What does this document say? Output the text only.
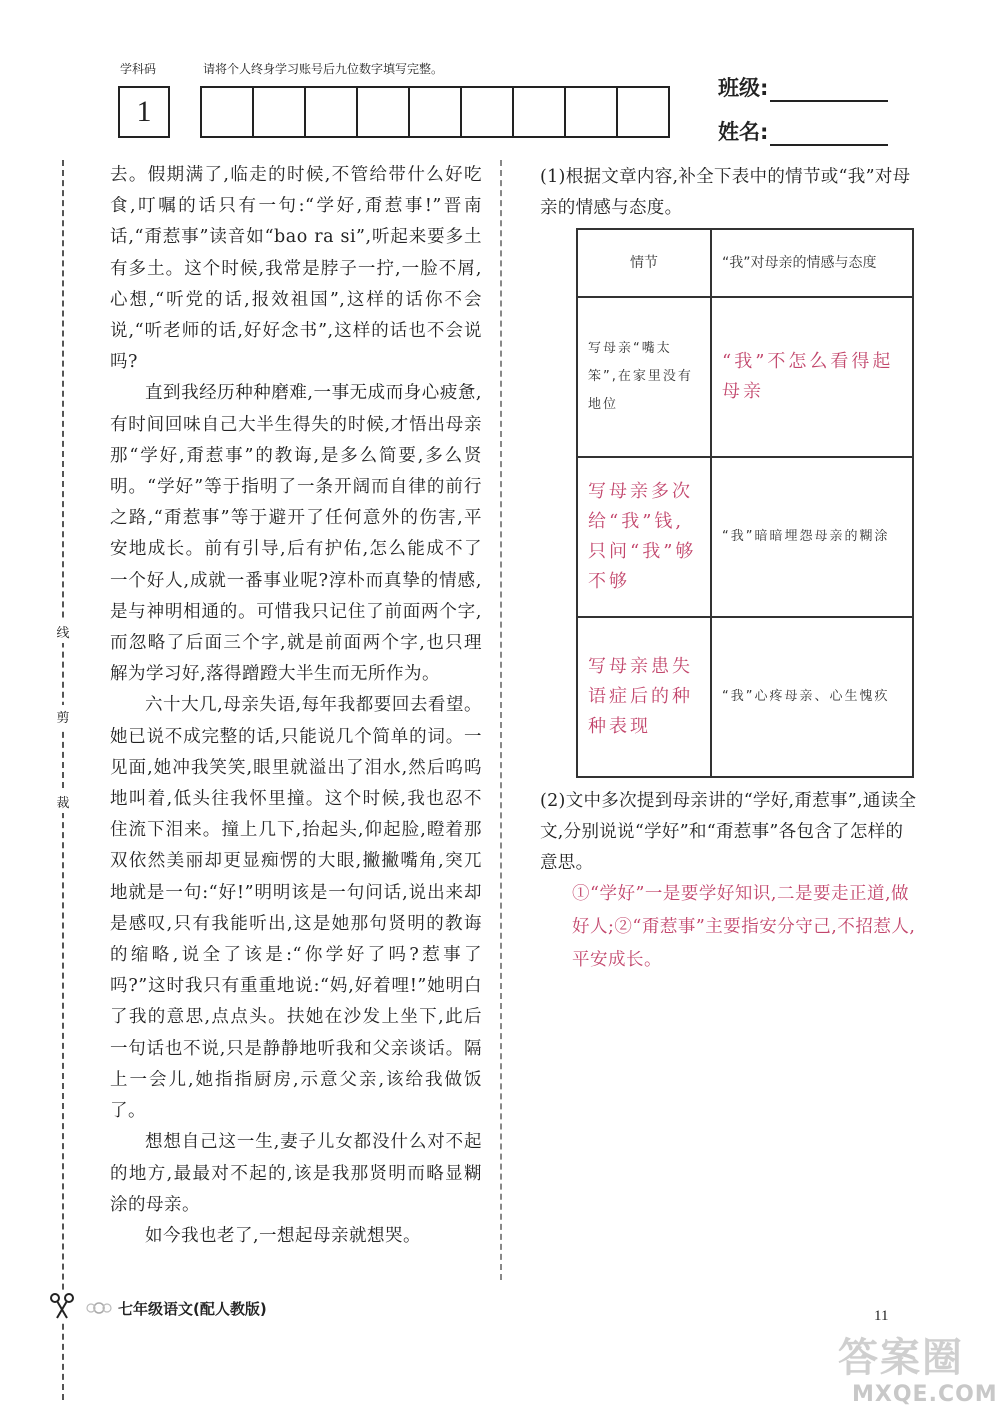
学科码	请将个人终身学习账号后九位数字填写完整。
1
班级:
姓名:
线
剪
裁

去。假期满了,临走的时候,不管给带什么好吃食,叮嘱的话只有一句:“学好,甭惹事!”晋南话,“甭惹事”读音如“bao ra si”,听起来要多土有多土。这个时候,我常是脖子一拧,一脸不屑,心想,“听党的话,报效祖国”,这样的话你不会说,“听老师的话,好好念书”,这样的话也不会说吗?

直到我经历种种磨难,一事无成而身心疲惫,有时间回味自己大半生得失的时候,才悟出母亲那“学好,甭惹事”的教诲,是多么简要,多么贤明。“学好”等于指明了一条开阔而自律的前行之路,“甭惹事”等于避开了任何意外的伤害,平安地成长。前有引导,后有护佑,怎么能成不了一个好人,成就一番事业呢?淳朴而真挚的情感,是与神明相通的。可惜我只记住了前面两个字,而忽略了后面三个字,就是前面两个字,也只理解为学习好,落得蹭蹬大半生而无所作为。

六十大几,母亲失语,每年我都要回去看望。她已说不成完整的话,只能说几个简单的词。一见面,她冲我笑笑,眼里就溢出了泪水,然后呜呜地叫着,低头往我怀里撞。这个时候,我也忍不住流下泪来。撞上几下,抬起头,仰起脸,瞪着那双依然美丽却更显痴愣的大眼,撇撇嘴角,突兀地就是一句:“好!”明明该是一句问话,说出来却是感叹,只有我能听出,这是她那句贤明的教诲的缩略,说全了该是:“你学好了吗?惹事了吗?”这时我只有重重地说:“妈,好着哩!”她明白了我的意思,点点头。扶她在沙发上坐下,此后一句话也不说,只是静静地听我和父亲谈话。隔上一会儿,她指指厨房,示意父亲,该给我做饭了。

想想自己这一生,妻子儿女都没什么对不起的地方,最最对不起的,该是我那贤明而略显糊涂的母亲。

如今我也老了,一想起母亲就想哭。

(1)根据文章内容,补全下表中的情节或“我”对母亲的情感与态度。
情节	“我”对母亲的情感与态度
写母亲“嘴太笨”,在家里没有地位	“我”不怎么看得起母亲
写母亲多次给“我”钱,只问“我”够不够	“我”暗暗埋怨母亲的糊涂
写母亲患失语症后的种种表现	“我”心疼母亲、心生愧疚
(2)文中多次提到母亲讲的“学好,甭惹事”,通读全文,分别说说“学好”和“甭惹事”各包含了怎样的意思。
①“学好”一是要学好知识,二是要走正道,做好人;②“甭惹事”主要指安分守己,不招惹人,平安成长。
七年级语文(配人教版)	11
答案圈
MXQE.COM
